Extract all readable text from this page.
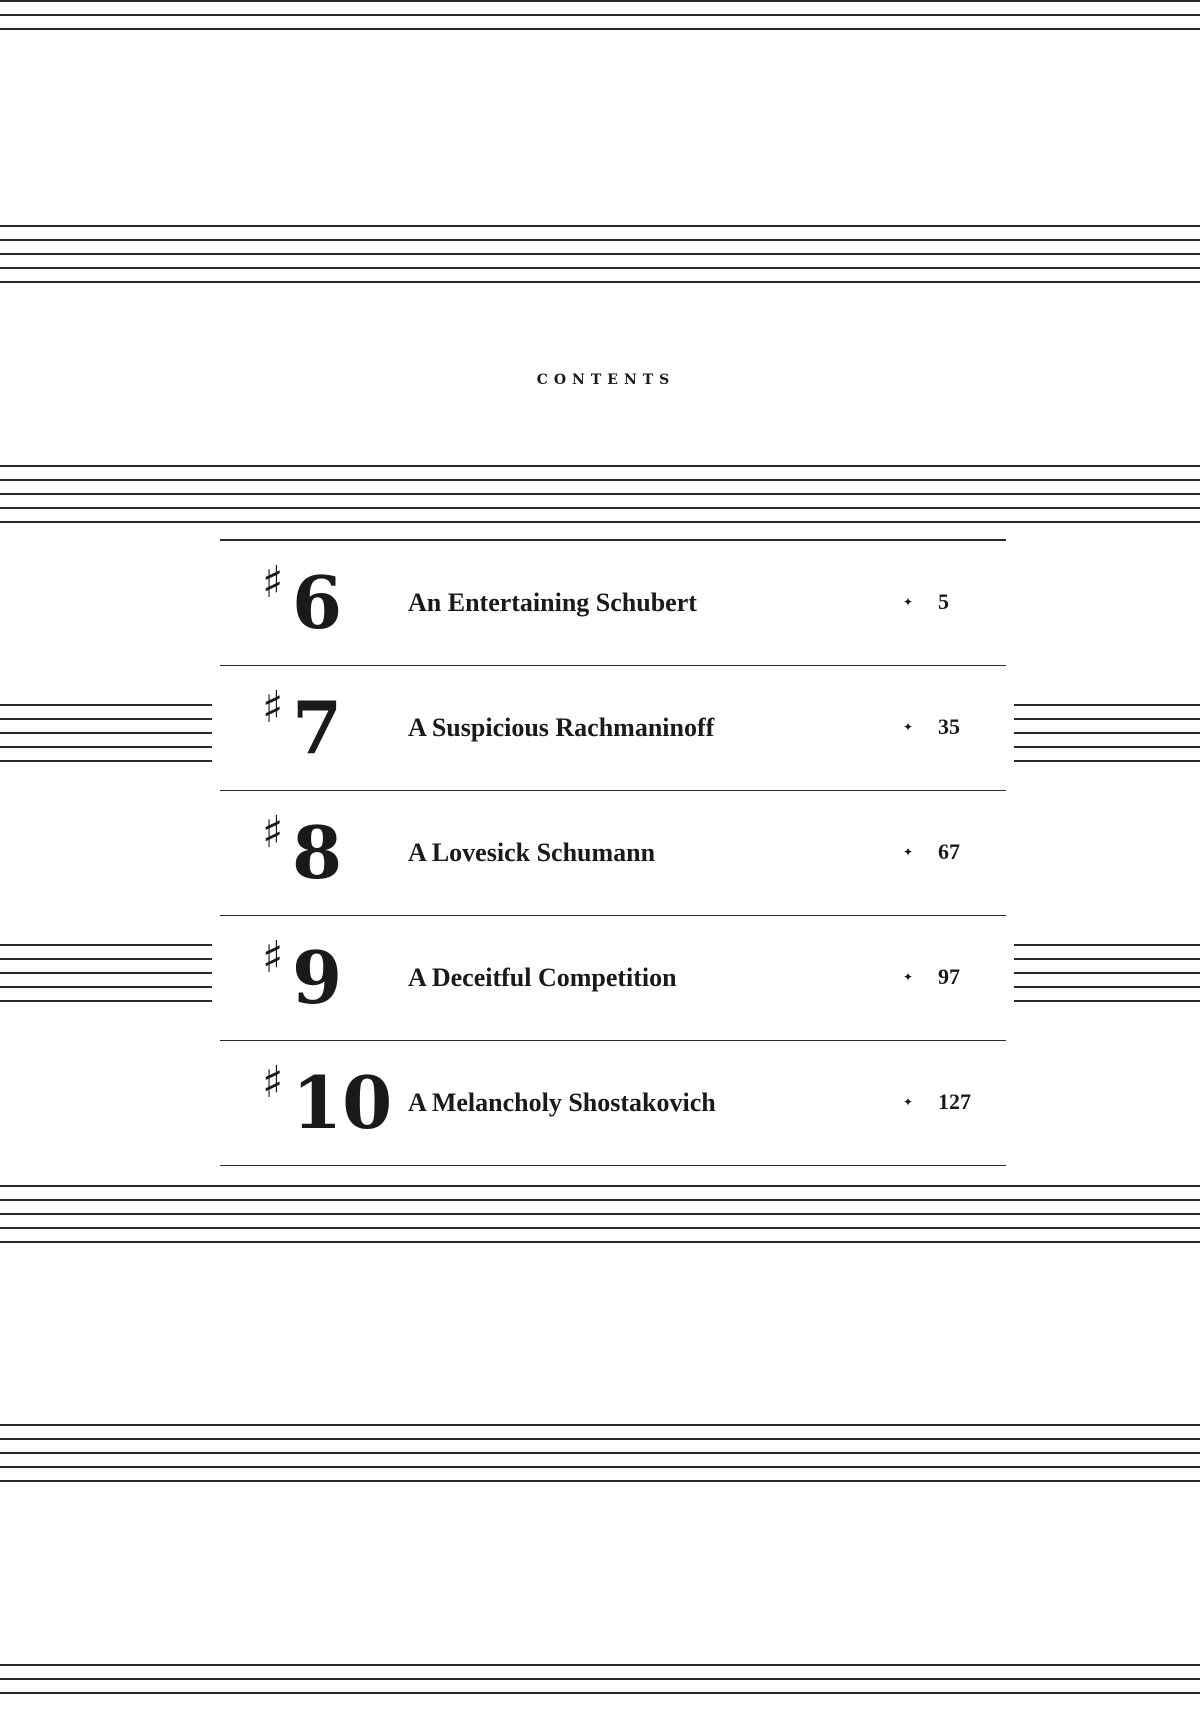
CONTENTS
♯ 6	An Entertaining Schubert	✦ 5
♯ 7	A Suspicious Rachmaninoff	✦ 35
♯ 8	A Lovesick Schumann	✦ 67
♯ 9	A Deceitful Competition	✦ 97
♯ 10 A Melancholy Shostakovich	✦ 127
